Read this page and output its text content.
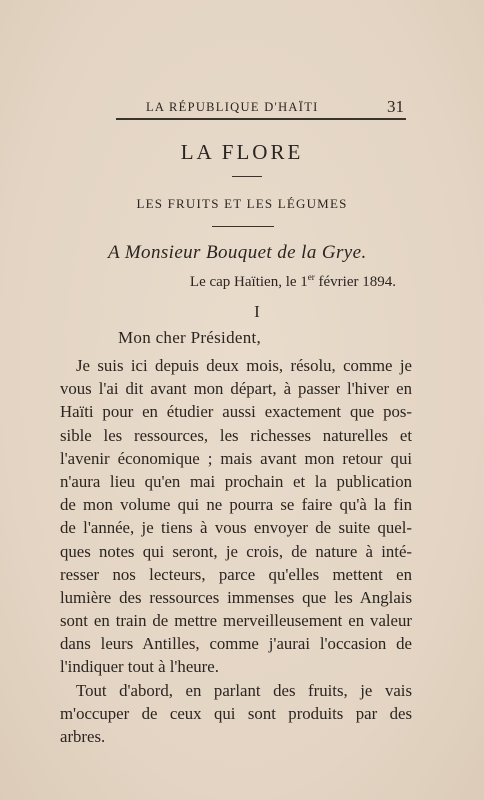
LA RÉPUBLIQUE D'HAÏTI	31
LA FLORE
LES FRUITS ET LES LÉGUMES
A Monsieur Bouquet de la Grye.
Le cap Haïtien, le 1er février 1894.
I
Mon cher Président,
Je suis ici depuis deux mois, résolu, comme je
vous l'ai dit avant mon départ, à passer l'hiver en
Haïti pour en étudier aussi exactement que pos-
sible les ressources, les richesses naturelles et
l'avenir économique ; mais avant mon retour qui
n'aura lieu qu'en mai prochain et la publication
de mon volume qui ne pourra se faire qu'à la fin
de l'année, je tiens à vous envoyer de suite quel-
ques notes qui seront, je crois, de nature à inté-
resser nos lecteurs, parce qu'elles mettent en
lumière des ressources immenses que les Anglais
sont en train de mettre merveilleusement en valeur
dans leurs Antilles, comme j'aurai l'occasion de
l'indiquer tout à l'heure.
Tout d'abord, en parlant des fruits, je vais
m'occuper de ceux qui sont produits par des
arbres.
